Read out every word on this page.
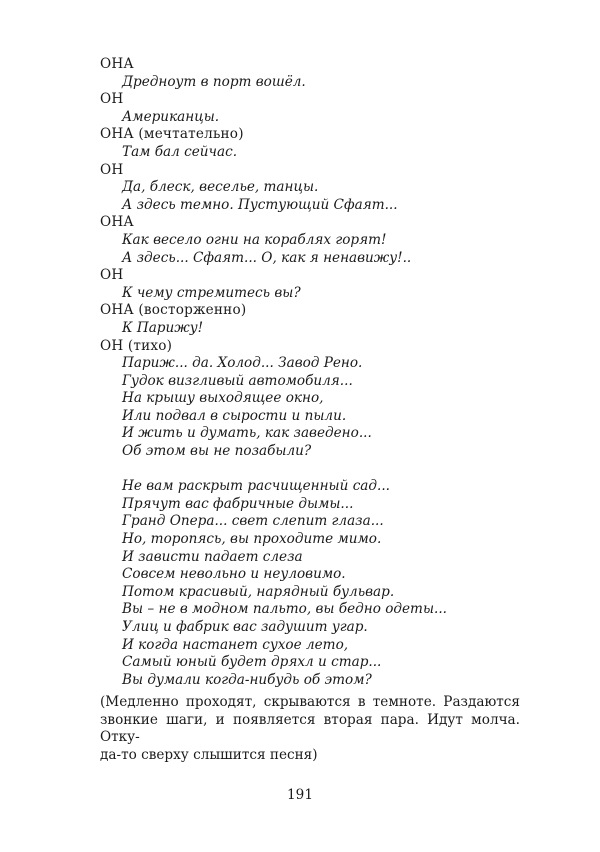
ОНА
Дредноут в порт вошёл.
ОН
Американцы.
ОНА (мечтательно)
Там бал сейчас.
ОН
Да, блеск, веселье, танцы.
А здесь темно. Пустующий Сфаят...
ОНА
Как весело огни на кораблях горят!
А здесь... Сфаят... О, как я ненавижу!..
ОН
К чему стремитесь вы?
ОНА (восторженно)
К Парижу!
ОН (тихо)
Париж... да. Холод... Завод Рено.
Гудок визгливый автомобиля...
На крышу выходящее окно,
Или подвал в сырости и пыли.
И жить и думать, как заведено...
Об этом вы не позабыли?
Не вам раскрыт расчищенный сад...
Прячут вас фабричные дымы...
Гранд Опера... свет слепит глаза...
Но, торопясь, вы проходите мимо.
И зависти падает слеза
Совсем невольно и неуловимо.
Потом красивый, нарядный бульвар.
Вы – не в модном пальто, вы бедно одеты...
Улиц и фабрик вас задушит угар.
И когда настанет сухое лето,
Самый юный будет дряхл и стар...
Вы думали когда-нибудь об этом?
(Медленно проходят, скрываются в темноте. Раздаются
звонкие шаги, и появляется вторая пара. Идут молча. Отку-
да-то сверху слышится песня)
191
